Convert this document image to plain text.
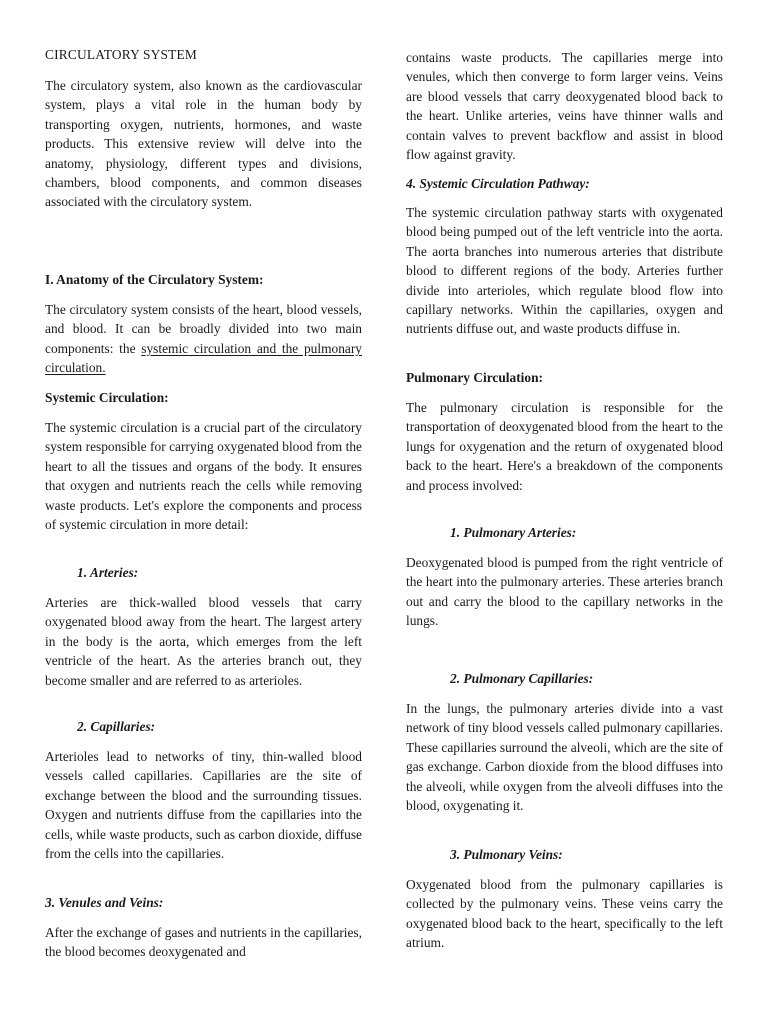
CIRCULATORY SYSTEM

The circulatory system, also known as the cardiovascular system, plays a vital role in the human body by transporting oxygen, nutrients, hormones, and waste products. This extensive review will delve into the anatomy, physiology, different types and divisions, chambers, blood components, and common diseases associated with the circulatory system.

I. Anatomy of the Circulatory System:

The circulatory system consists of the heart, blood vessels, and blood. It can be broadly divided into two main components: the systemic circulation and the pulmonary circulation.

Systemic Circulation:

The systemic circulation is a crucial part of the circulatory system responsible for carrying oxygenated blood from the heart to all the tissues and organs of the body. It ensures that oxygen and nutrients reach the cells while removing waste products. Let's explore the components and process of systemic circulation in more detail:

1. Arteries:

Arteries are thick-walled blood vessels that carry oxygenated blood away from the heart. The largest artery in the body is the aorta, which emerges from the left ventricle of the heart. As the arteries branch out, they become smaller and are referred to as arterioles.

2. Capillaries:

Arterioles lead to networks of tiny, thin-walled blood vessels called capillaries. Capillaries are the site of exchange between the blood and the surrounding tissues. Oxygen and nutrients diffuse from the capillaries into the cells, while waste products, such as carbon dioxide, diffuse from the cells into the capillaries.

3. Venules and Veins:

After the exchange of gases and nutrients in the capillaries, the blood becomes deoxygenated and

contains waste products. The capillaries merge into venules, which then converge to form larger veins. Veins are blood vessels that carry deoxygenated blood back to the heart. Unlike arteries, veins have thinner walls and contain valves to prevent backflow and assist in blood flow against gravity.

4. Systemic Circulation Pathway:

The systemic circulation pathway starts with oxygenated blood being pumped out of the left ventricle into the aorta. The aorta branches into numerous arteries that distribute blood to different regions of the body. Arteries further divide into arterioles, which regulate blood flow into capillary networks. Within the capillaries, oxygen and nutrients diffuse out, and waste products diffuse in.

Pulmonary Circulation:

The pulmonary circulation is responsible for the transportation of deoxygenated blood from the heart to the lungs for oxygenation and the return of oxygenated blood back to the heart. Here's a breakdown of the components and process involved:

1. Pulmonary Arteries:

Deoxygenated blood is pumped from the right ventricle of the heart into the pulmonary arteries. These arteries branch out and carry the blood to the capillary networks in the lungs.

2. Pulmonary Capillaries:

In the lungs, the pulmonary arteries divide into a vast network of tiny blood vessels called pulmonary capillaries. These capillaries surround the alveoli, which are the site of gas exchange. Carbon dioxide from the blood diffuses into the alveoli, while oxygen from the alveoli diffuses into the blood, oxygenating it.

3. Pulmonary Veins:

Oxygenated blood from the pulmonary capillaries is collected by the pulmonary veins. These veins carry the oxygenated blood back to the heart, specifically to the left atrium.
